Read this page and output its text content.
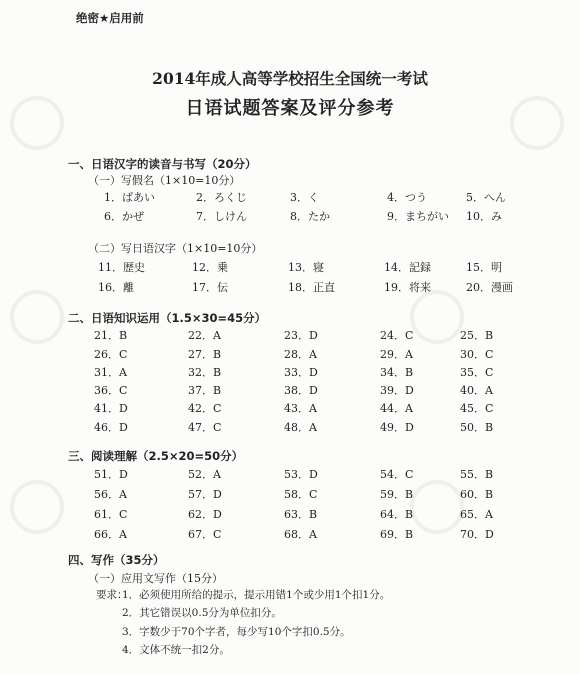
绝密★启用前
2014年成人高等学校招生全国统一考试
日语试题答案及评分参考
一、日语汉字的读音与书写（20分）
（一）写假名（1×10=10分）
1．ばあい	2．ろくじ	3．く	4．つう	5．へん
6．かぜ	7．しけん	8．たか	9．まちがい 10．み
（二）写日语汉字（1×10=10分）
11．歴史	12．乗	13．寝	14．記録	15．明
16．離	17．伝	18．正直	19．将来	20．漫画
二、日语知识运用（1.5×30=45分）
21．B	22．A	23．D	24．C	25．B
26．C	27．B	28．A	29．A	30．C
31．A	32．B	33．D	34．B	35．C
36．C	37．B	38．D	39．D	40．A
41．D	42．C	43．A	44．A	45．C
46．D	47．C	48．A	49．D	50．B
三、阅读理解（2.5×20=50分）
51．D	52．A	53．D	54．C	55．B
56．A	57．D	58．C	59．B	60．B
61．C	62．D	63．B	64．B	65．A
66．A	67．C	68．A	69．B	70．D
四、写作（35分）
（一）应用文写作（15分）
要求：
1．必须使用所给的提示，提示用错1个或少用1个扣1分。
2．其它错误以0.5分为单位扣分。
3．字数少于70个字者，每少写10个字扣0.5分。
4．文体不统一扣2分。
